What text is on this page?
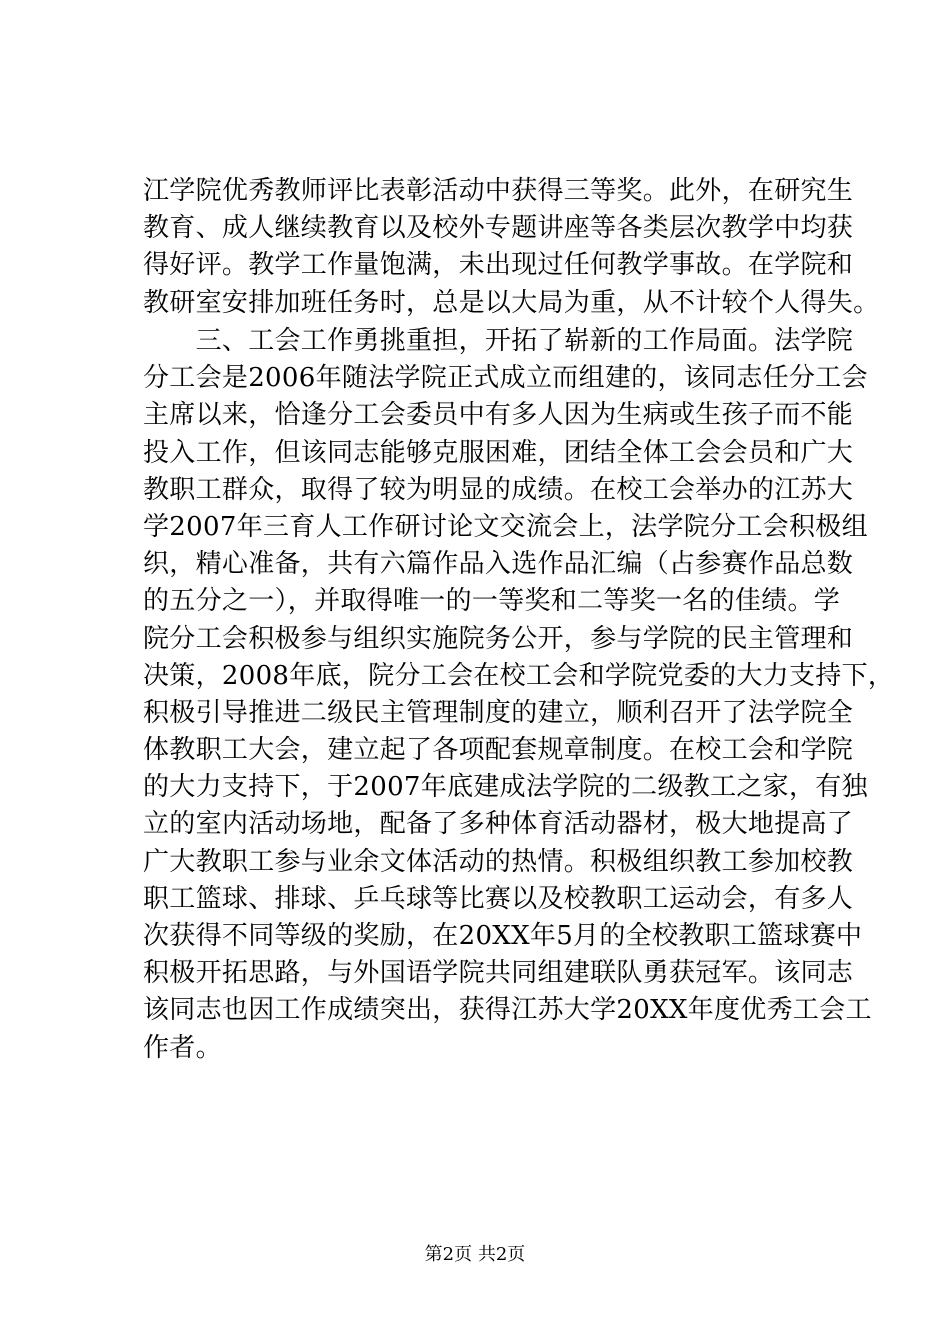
江学院优秀教师评比表彰活动中获得三等奖。此外，在研究生
教育、成人继续教育以及校外专题讲座等各类层次教学中均获
得好评。教学工作量饱满，未出现过任何教学事故。在学院和
教研室安排加班任务时，总是以大局为重，从不计较个人得失。
　　三、工会工作勇挑重担，开拓了崭新的工作局面。法学院
分工会是2006年随法学院正式成立而组建的，该同志任分工会
主席以来，恰逢分工会委员中有多人因为生病或生孩子而不能
投入工作，但该同志能够克服困难，团结全体工会会员和广大
教职工群众，取得了较为明显的成绩。在校工会举办的江苏大
学2007年三育人工作研讨论文交流会上，法学院分工会积极组
织，精心准备，共有六篇作品入选作品汇编（占参赛作品总数
的五分之一），并取得唯一的一等奖和二等奖一名的佳绩。学
院分工会积极参与组织实施院务公开，参与学院的民主管理和
决策，2008年底，院分工会在校工会和学院党委的大力支持下，
积极引导推进二级民主管理制度的建立，顺利召开了法学院全
体教职工大会，建立起了各项配套规章制度。在校工会和学院
的大力支持下，于2007年底建成法学院的二级教工之家，有独
立的室内活动场地，配备了多种体育活动器材，极大地提高了
广大教职工参与业余文体活动的热情。积极组织教工参加校教
职工篮球、排球、乒乓球等比赛以及校教职工运动会，有多人
次获得不同等级的奖励，在20XX年5月的全校教职工篮球赛中
积极开拓思路，与外国语学院共同组建联队勇获冠军。该同志
该同志也因工作成绩突出，获得江苏大学20XX年度优秀工会工
作者。
第2页 共2页
